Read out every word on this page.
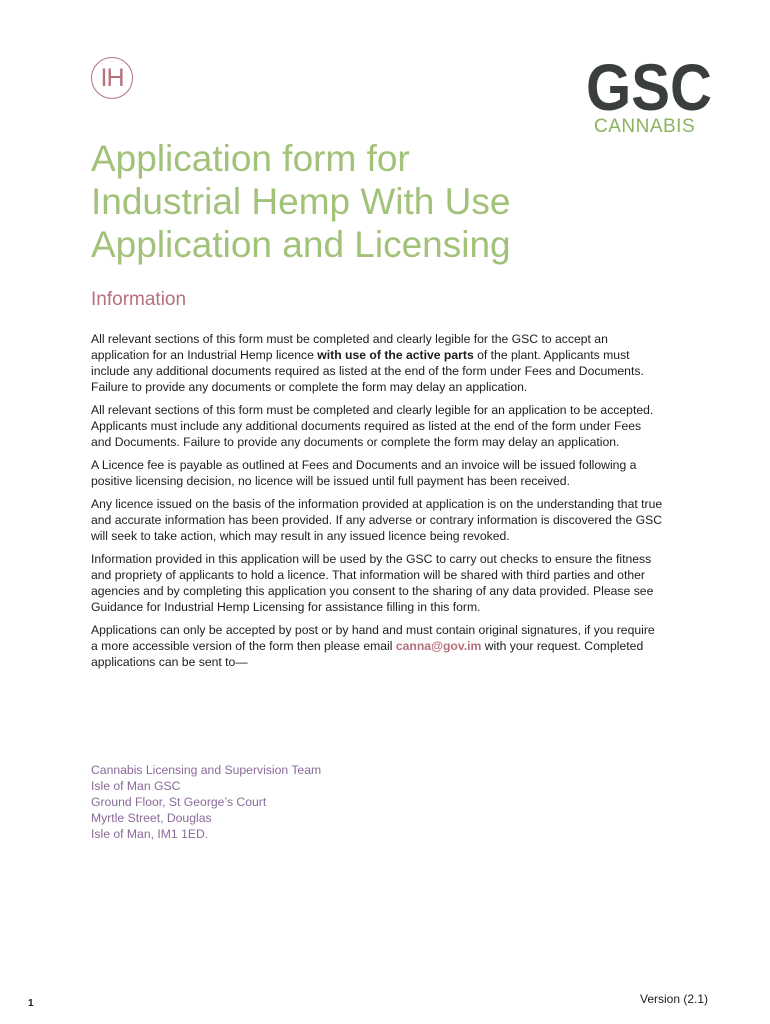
IH	GSC
CANNABIS
Application form for
Industrial Hemp With Use
Application and Licensing
Information

All relevant sections of this form must be completed and clearly legible for the GSC to accept an application for an Industrial Hemp licence with use of the active parts of the plant. Applicants must include any additional documents required as listed at the end of the form under Fees and Documents. Failure to provide any documents or complete the form may delay an application.

All relevant sections of this form must be completed and clearly legible for an application to be accepted. Applicants must include any additional documents required as listed at the end of the form under Fees and Documents. Failure to provide any documents or complete the form may delay an application.

A Licence fee is payable as outlined at Fees and Documents and an invoice will be issued following a positive licensing decision, no licence will be issued until full payment has been received.

Any licence issued on the basis of the information provided at application is on the understanding that true and accurate information has been provided. If any adverse or contrary information is discovered the GSC will seek to take action, which may result in any issued licence being revoked.

Information provided in this application will be used by the GSC to carry out checks to ensure the fitness and propriety of applicants to hold a licence. That information will be shared with third parties and other agencies and by completing this application you consent to the sharing of any data provided. Please see Guidance for Industrial Hemp Licensing for assistance filling in this form.

Applications can only be accepted by post or by hand and must contain original signatures, if you require a more accessible version of the form then please email canna@gov.im with your request. Completed applications can be sent to—

Cannabis Licensing and Supervision Team
Isle of Man GSC
Ground Floor, St George’s Court
Myrtle Street, Douglas
Isle of Man, IM1 1ED.
1	Version (2.1)
